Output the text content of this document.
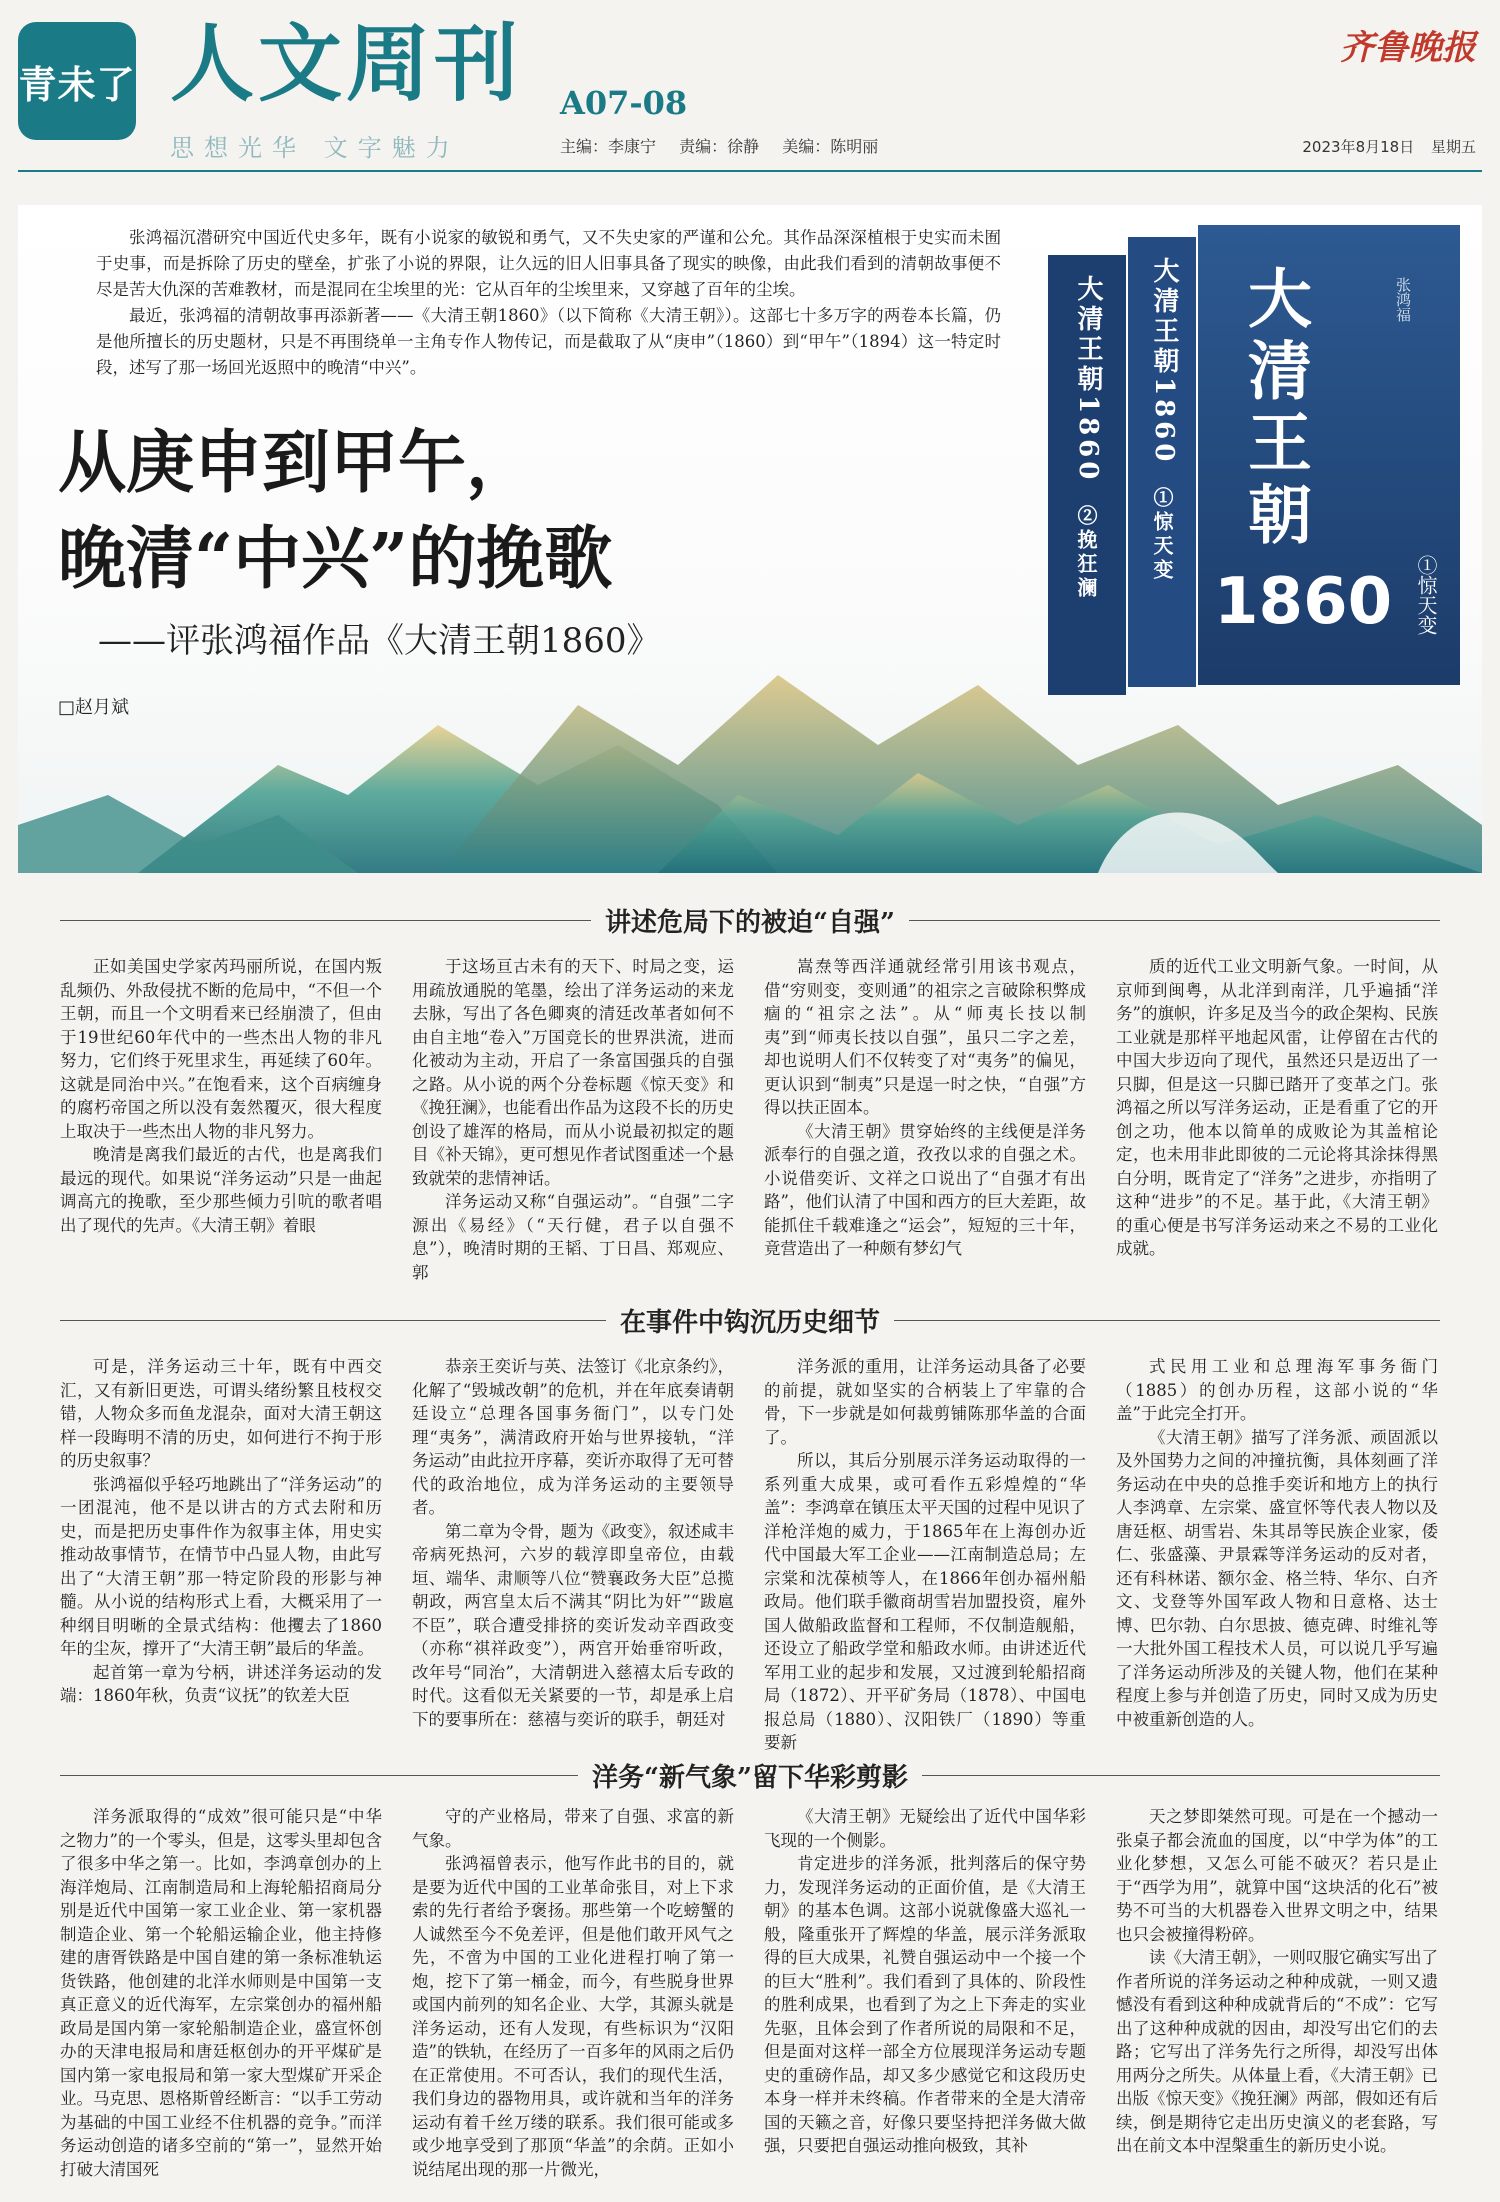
青未了 人文周刊 A07-08
思想光华 文字魅力	主编：李康宁 责编：徐静 美编：陈明丽
齐鲁晚报
2023年8月18日 星期五

张鸿福沉潜研究中国近代史多年，既有小说家的敏锐和勇气，又不失史家的严谨和公允。其作品深深植根于史实而未囿于史事，而是拆除了历史的壁垒，扩张了小说的界限，让久远的旧人旧事具备了现实的映像，由此我们看到的清朝故事便不尽是苦大仇深的苦难教材，而是混同在尘埃里的光：它从百年的尘埃里来，又穿越了百年的尘埃。

最近，张鸿福的清朝故事再添新著——《大清王朝1860》（以下简称《大清王朝》）。这部七十多万字的两卷本长篇，仍是他所擅长的历史题材，只是不再围绕单一主角专作人物传记，而是截取了从“庚申”（1860）到“甲午”（1894）这一特定时段，述写了那一场回光返照中的晚清“中兴”。

从庚申到甲午，
晚清“中兴”的挽歌
——评张鸿福作品《大清王朝1860》
□赵月斌
大清王朝1860
②挽狂澜
大清王朝1860
①惊天变 大清王朝	张鸿福
1860 ①惊天变
讲述危局下的被迫“自强”

正如美国史学家芮玛丽所说，在国内叛乱频仍、外敌侵扰不断的危局中，“不但一个王朝，而且一个文明看来已经崩溃了，但由于19世纪60年代中的一些杰出人物的非凡努力，它们终于死里求生，再延续了60年。这就是同治中兴。”在饱看来，这个百病缠身的腐朽帝国之所以没有轰然覆灭，很大程度上取决于一些杰出人物的非凡努力。

晚清是离我们最近的古代，也是离我们最远的现代。如果说“洋务运动”只是一曲起调高亢的挽歌，至少那些倾力引吭的歌者唱出了现代的先声。《大清王朝》着眼

于这场亘古未有的天下、时局之变，运用疏放通脱的笔墨，绘出了洋务运动的来龙去脉，写出了各色卿爽的清廷改革者如何不由自主地“卷入”万国竞长的世界洪流，进而化被动为主动，开启了一条富国强兵的自强之路。从小说的两个分卷标题《惊天变》和《挽狂澜》，也能看出作品为这段不长的历史创设了雄浑的格局，而从小说最初拟定的题目《补天锦》，更可想见作者试图重述一个悬致就荣的悲情神话。

洋务运动又称“自强运动”。“自强”二字源出《易经》（“天行健，君子以自强不息”），晚清时期的王韬、丁日昌、郑观应、郭

嵩焘等西洋通就经常引用该书观点，借“穷则变，变则通”的祖宗之言破除积弊成痼的“祖宗之法”。从“师夷长技以制夷”到“师夷长技以自强”，虽只二字之差，却也说明人们不仅转变了对“夷务”的偏见，更认识到“制夷”只是逞一时之快，“自强”方得以扶正固本。

《大清王朝》贯穿始终的主线便是洋务派奉行的自强之道，孜孜以求的自强之术。小说借奕䜣、文祥之口说出了“自强才有出路”，他们认清了中国和西方的巨大差距，故能抓住千载难逢之“运会”，短短的三十年，竟营造出了一种颇有梦幻气

质的近代工业文明新气象。一时间，从京师到闽粤，从北洋到南洋，几乎遍插“洋务”的旗帜，许多足及当今的政企架构、民族工业就是那样平地起风雷，让停留在古代的中国大步迈向了现代，虽然还只是迈出了一只脚，但是这一只脚已踏开了变革之门。张鸿福之所以写洋务运动，正是看重了它的开创之功，他本以简单的成败论为其盖棺论定，也未用非此即彼的二元论将其涂抹得黑白分明，既肯定了“洋务”之进步，亦指明了这种“进步”的不足。基于此，《大清王朝》的重心便是书写洋务运动来之不易的工业化成就。

在事件中钩沉历史细节

可是，洋务运动三十年，既有中西交汇，又有新旧更迭，可谓头绪纷繁且枝杈交错，人物众多而鱼龙混杂，面对大清王朝这样一段晦明不清的历史，如何进行不拘于形的历史叙事？

张鸿福似乎轻巧地跳出了“洋务运动”的一团混沌，他不是以讲古的方式去附和历史，而是把历史事件作为叙事主体，用史实推动故事情节，在情节中凸显人物，由此写出了“大清王朝”那一特定阶段的形影与神髓。从小说的结构形式上看，大概采用了一种纲目明晰的全景式结构：他攫去了1860年的尘灰，撑开了“大清王朝”最后的华盖。

起首第一章为兮柄，讲述洋务运动的发端：1860年秋，负责“议抚”的钦差大臣

恭亲王奕䜣与英、法签订《北京条约》，化解了“毁城改朝”的危机，并在年底奏请朝廷设立“总理各国事务衙门”，以专门处理“夷务”，满清政府开始与世界接轨，“洋务运动”由此拉开序幕，奕䜣亦取得了无可替代的政治地位，成为洋务运动的主要领导者。

第二章为令骨，题为《政变》，叙述咸丰帝病死热河，六岁的载淳即皇帝位，由载垣、端华、肃顺等八位“赞襄政务大臣”总揽朝政，两宫皇太后不满其“阴比为奸”“跋扈不臣”，联合遭受排挤的奕䜣发动辛酉政变（亦称“祺祥政变”），两宫开始垂帘听政，改年号“同治”，大清朝进入慈禧太后专政的时代。这看似无关紧要的一节，却是承上启下的要事所在：慈禧与奕䜣的联手，朝廷对

洋务派的重用，让洋务运动具备了必要的前提，就如坚实的合柄装上了牢靠的合骨，下一步就是如何裁剪铺陈那华盖的合面了。

所以，其后分别展示洋务运动取得的一系列重大成果，或可看作五彩煌煌的“华盖”：李鸿章在镇压太平天国的过程中见识了洋枪洋炮的威力，于1865年在上海创办近代中国最大军工企业——江南制造总局；左宗棠和沈葆桢等人，在1866年创办福州船政局。他们联手徽商胡雪岩加盟投资，雇外国人做船政监督和工程师，不仅制造舰船，还设立了船政学堂和船政水师。由讲述近代军用工业的起步和发展，又过渡到轮船招商局（1872）、开平矿务局（1878）、中国电报总局（1880）、汉阳铁厂（1890）等重要新

式民用工业和总理海军事务衙门（1885）的创办历程，这部小说的“华盖”于此完全打开。

《大清王朝》描写了洋务派、顽固派以及外国势力之间的冲撞抗衡，具体刻画了洋务运动在中央的总推手奕䜣和地方上的执行人李鸿章、左宗棠、盛宣怀等代表人物以及唐廷枢、胡雪岩、朱其昂等民族企业家，倭仁、张盛藻、尹景霖等洋务运动的反对者，还有科林诺、额尔金、格兰特、华尔、白齐文、戈登等外国军政人物和日意格、达士博、巴尔勃、白尔思披、德克碑、时维礼等一大批外国工程技术人员，可以说几乎写遍了洋务运动所涉及的关键人物，他们在某种程度上参与并创造了历史，同时又成为历史中被重新创造的人。

洋务“新气象”留下华彩剪影

洋务派取得的“成效”很可能只是“中华之物力”的一个零头，但是，这零头里却包含了很多中华之第一。比如，李鸿章创办的上海洋炮局、江南制造局和上海轮船招商局分别是近代中国第一家工业企业、第一家机器制造企业、第一个轮船运输企业，他主持修建的唐胥铁路是中国自建的第一条标准轨运货铁路，他创建的北洋水师则是中国第一支真正意义的近代海军，左宗棠创办的福州船政局是国内第一家轮船制造企业，盛宣怀创办的天津电报局和唐廷枢创办的开平煤矿是国内第一家电报局和第一家大型煤矿开采企业。马克思、恩格斯曾经断言：“以手工劳动为基础的中国工业经不住机器的竞争。”而洋务运动创造的诸多空前的“第一”，显然开始打破大清国死

守的产业格局，带来了自强、求富的新气象。

张鸿福曾表示，他写作此书的目的，就是要为近代中国的工业革命张目，对上下求索的先行者给予褒扬。那些第一个吃螃蟹的人诚然至今不免差评，但是他们敢开风气之先，不啻为中国的工业化进程打响了第一炮，挖下了第一桶金，而今，有些脱身世界或国内前列的知名企业、大学，其源头就是洋务运动，还有人发现，有些标识为“汉阳造”的铁轨，在经历了一百多年的风雨之后仍在正常使用。不可否认，我们的现代生活，我们身边的器物用具，或许就和当年的洋务运动有着千丝万缕的联系。我们很可能或多或少地享受到了那顶“华盖”的余荫。正如小说结尾出现的那一片微光，

《大清王朝》无疑绘出了近代中国华彩飞现的一个侧影。

肯定进步的洋务派，批判落后的保守势力，发现洋务运动的正面价值，是《大清王朝》的基本色调。这部小说就像盛大巡礼一般，隆重张开了辉煌的华盖，展示洋务派取得的巨大成果，礼赞自强运动中一个接一个的巨大“胜利”。我们看到了具体的、阶段性的胜利成果，也看到了为之上下奔走的实业先驱，且体会到了作者所说的局限和不足，但是面对这样一部全方位展现洋务运动专题史的重磅作品，却又多少感觉它和这段历史本身一样并未终稿。作者带来的全是大清帝国的天籁之音，好像只要坚持把洋务做大做强，只要把自强运动推向极致，其补

天之梦即桀然可现。可是在一个撼动一张桌子都会流血的国度，以“中学为体”的工业化梦想，又怎么可能不破灭？若只是止于“西学为用”，就算中国“这块活的化石”被势不可当的大机器卷入世界文明之中，结果也只会被撞得粉碎。

读《大清王朝》，一则叹服它确实写出了作者所说的洋务运动之种种成就，一则又遗憾没有看到这种种成就背后的“不成”：它写出了这种种成就的因由，却没写出它们的去路；它写出了洋务先行之所得，却没写出体用两分之所失。从体量上看，《大清王朝》已出版《惊天变》《挽狂澜》两部，假如还有后续，倒是期待它走出历史演义的老套路，写出在前文本中涅槃重生的新历史小说。
